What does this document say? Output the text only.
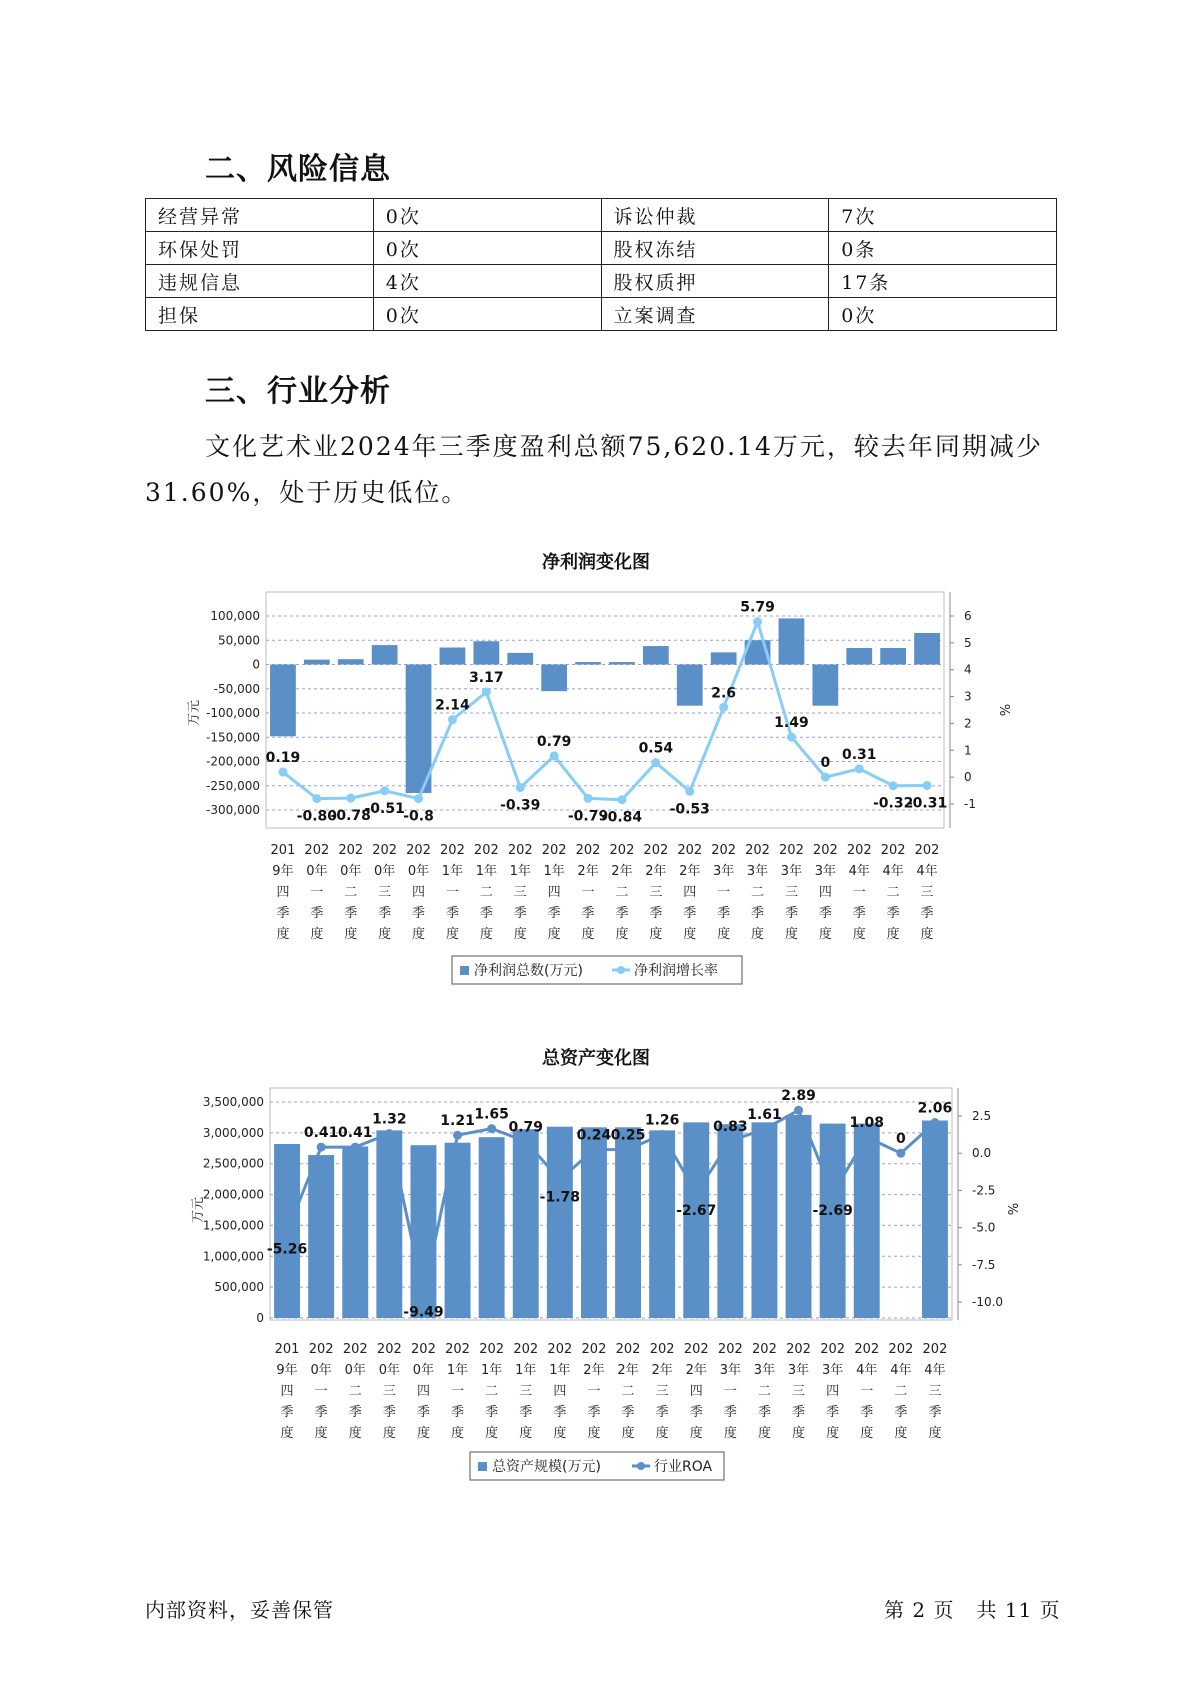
二、风险信息
经营异常	0次	诉讼仲裁	7次
环保处罚	0次	股权冻结	0条
违规信息	4次	股权质押	17条
担保	0次	立案调查	0次
三、行业分析
文化艺术业2024年三季度盈利总额75,620.14万元，较去年同期减少31.60%，处于历史低位。
净利润变化图
100,000
50,000
0
-50,000
-100,000
-150,000
-200,000
-250,000
-300,000
6
5
4
3
2
1
0
-1
万元	%
0.19
-0.80
-0.78
-0.51
-0.8
2.14
3.17
-0.39
0.79
-0.79
-0.84
0.54
-0.53
2.6
5.79
1.49
0
0.31
-0.32
-0.31
201
9年
四
季
度
202
0年
一
季
度
202
0年
二
季
度
202
0年
三
季
度
202
0年
四
季
度
202
1年
一
季
度
202
1年
二
季
度
202
1年
三
季
度
202
1年
四
季
度
202
2年
一
季
度
202
2年
二
季
度
202
2年
三
季
度
202
2年
四
季
度
202
3年
一
季
度
202
3年
二
季
度
202
3年
三
季
度
202
3年
四
季
度
202
4年
一
季
度
202
4年
二
季
度
202
4年
三
季
度
净利润总数(万元)	净利润增长率
总资产变化图
3,500,000
3,000,000
2,500,000
2,000,000
1,500,000
1,000,000
500,000
0
2.5
0.0
-2.5
-5.0
-7.5
-10.0
万元	%
-5.26
0.41 0.41
1.32
-9.49
1.21 1.65
0.79
-1.78
0.24 0.25
1.26
-2.67
0.83
1.61
2.89
-2.69
1.08
0
2.06
201
9年
四
季
度
202
0年
一
季
度
202
0年
二
季
度
202
0年
三
季
度
202
0年
四
季
度
202
1年
一
季
度
202
1年
二
季
度
202
1年
三
季
度
202
1年
四
季
度
202
2年
一
季
度
202
2年
二
季
度
202
2年
三
季
度
202
2年
四
季
度
202
3年
一
季
度
202
3年
二
季
度
202
3年
三
季
度
202
3年
四
季
度
202
4年
一
季
度
202
4年
二
季
度
202
4年
三
季
度
总资产规模(万元)	行业ROA
内部资料，妥善保管	第 2 页   共 11 页
